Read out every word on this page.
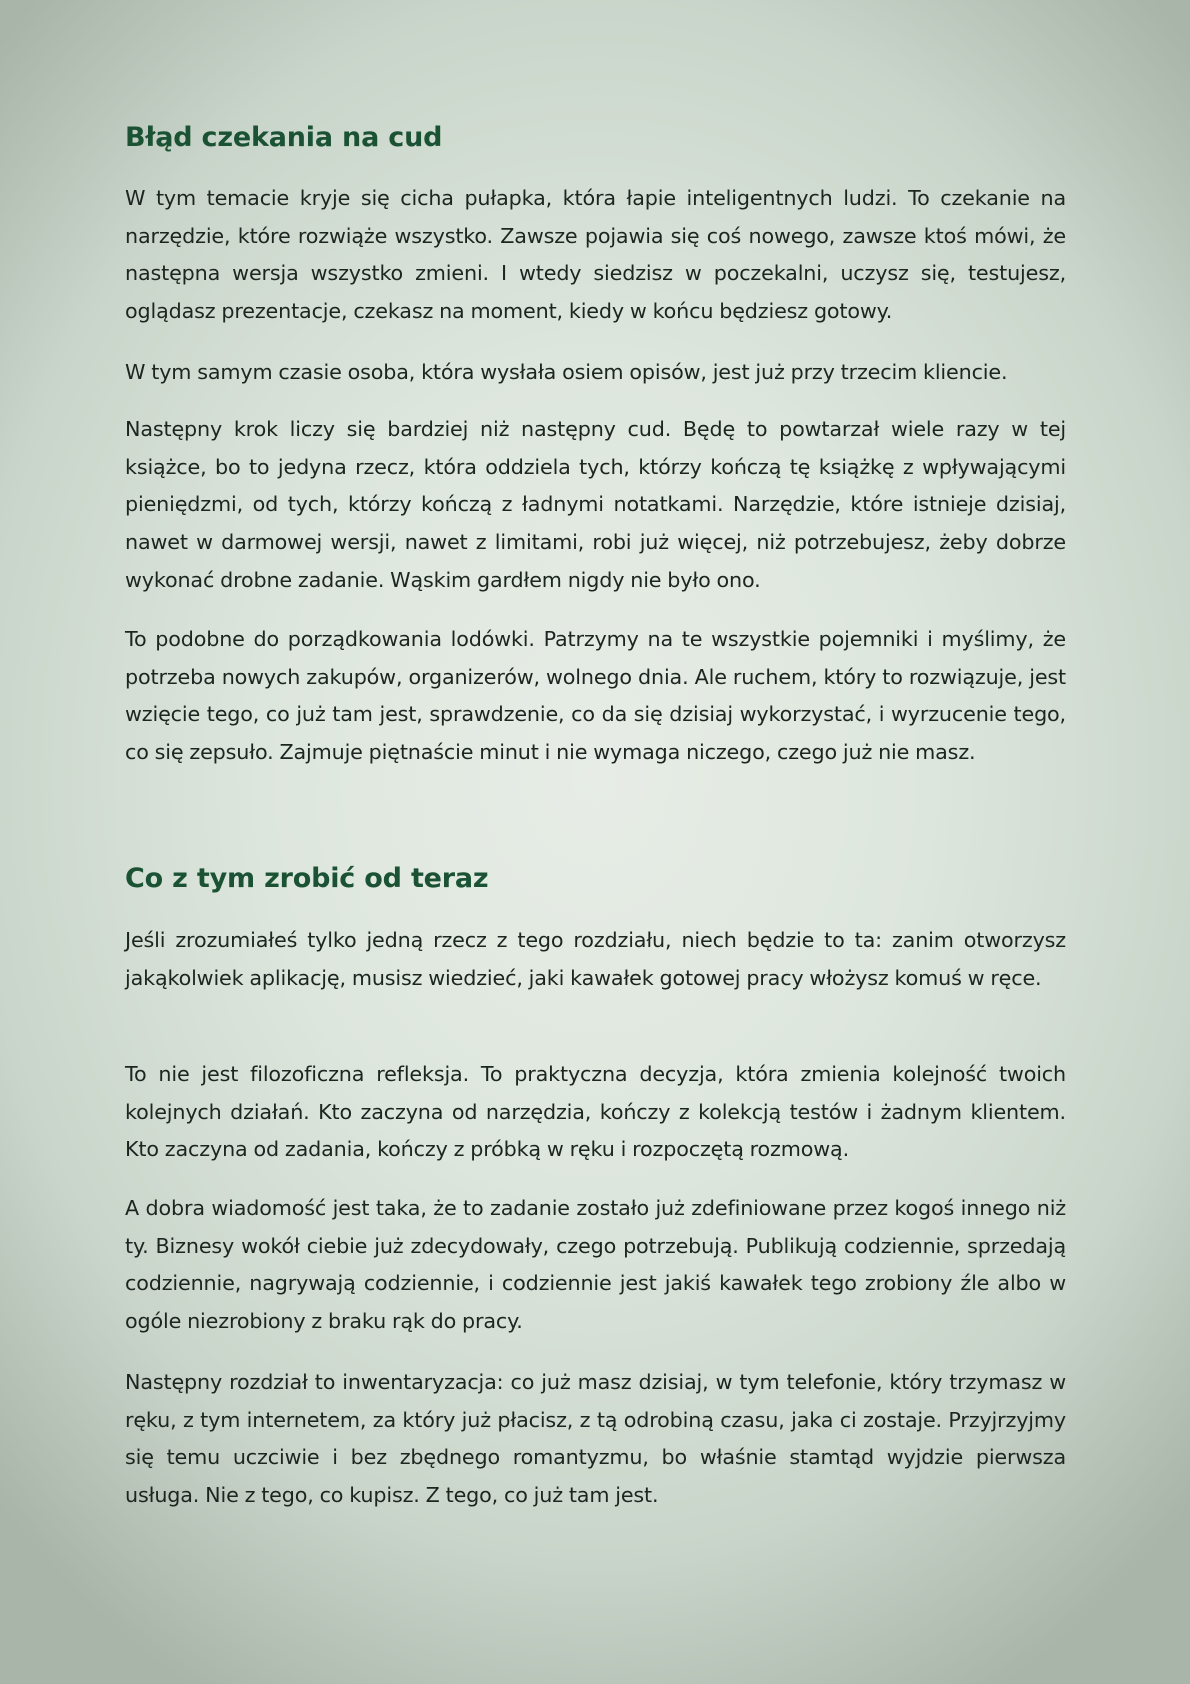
Błąd czekania na cud

W tym temacie kryje się cicha pułapka, która łapie inteligentnych ludzi. To czekanie na narzędzie, które rozwiąże wszystko. Zawsze pojawia się coś nowego, zawsze ktoś mówi, że następna wersja wszystko zmieni. I wtedy siedzisz w poczekalni, uczysz się, testujesz, oglądasz prezentacje, czekasz na moment, kiedy w końcu będziesz gotowy.

W tym samym czasie osoba, która wysłała osiem opisów, jest już przy trzecim kliencie.

Następny krok liczy się bardziej niż następny cud. Będę to powtarzał wiele razy w tej książce, bo to jedyna rzecz, która oddziela tych, którzy kończą tę książkę z wpływającymi pieniędzmi, od tych, którzy kończą z ładnymi notatkami. Narzędzie, które istnieje dzisiaj, nawet w darmowej wersji, nawet z limitami, robi już więcej, niż potrzebujesz, żeby dobrze wykonać drobne zadanie. Wąskim gardłem nigdy nie było ono.

To podobne do porządkowania lodówki. Patrzymy na te wszystkie pojemniki i myślimy, że potrzeba nowych zakupów, organizerów, wolnego dnia. Ale ruchem, który to rozwiązuje, jest wzięcie tego, co już tam jest, sprawdzenie, co da się dzisiaj wykorzystać, i wyrzucenie tego, co się zepsuło. Zajmuje piętnaście minut i nie wymaga niczego, czego już nie masz.

Co z tym zrobić od teraz

Jeśli zrozumiałeś tylko jedną rzecz z tego rozdziału, niech będzie to ta: zanim otworzysz jakąkolwiek aplikację, musisz wiedzieć, jaki kawałek gotowej pracy włożysz komuś w ręce.

To nie jest filozoficzna refleksja. To praktyczna decyzja, która zmienia kolejność twoich kolejnych działań. Kto zaczyna od narzędzia, kończy z kolekcją testów i żadnym klientem. Kto zaczyna od zadania, kończy z próbką w ręku i rozpoczętą rozmową.

A dobra wiadomość jest taka, że to zadanie zostało już zdefiniowane przez kogoś innego niż ty. Biznesy wokół ciebie już zdecydowały, czego potrzebują. Publikują codziennie, sprzedają codziennie, nagrywają codziennie, i codziennie jest jakiś kawałek tego zrobiony źle albo w ogóle niezrobiony z braku rąk do pracy.

Następny rozdział to inwentaryzacja: co już masz dzisiaj, w tym telefonie, który trzymasz w ręku, z tym internetem, za który już płacisz, z tą odrobiną czasu, jaka ci zostaje. Przyjrzyjmy się temu uczciwie i bez zbędnego romantyzmu, bo właśnie stamtąd wyjdzie pierwsza usługa. Nie z tego, co kupisz. Z tego, co już tam jest.
